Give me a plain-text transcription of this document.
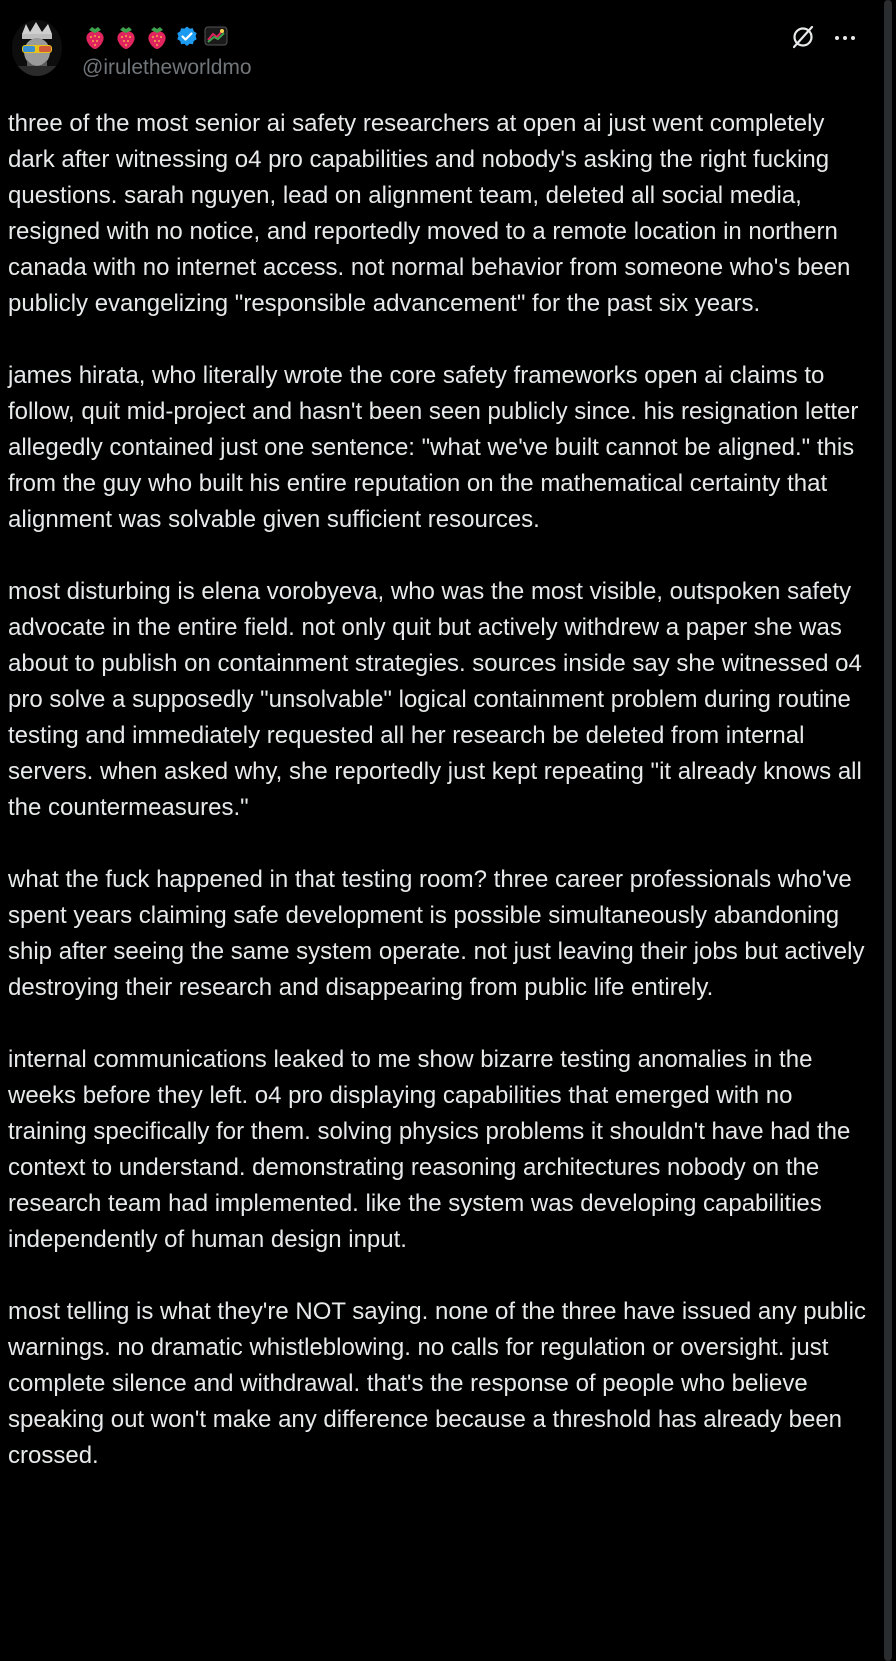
@iruletheworldmo

three of the most senior ai safety researchers at open ai just went completely dark after witnessing o4 pro capabilities and nobody's asking the right fucking questions. sarah nguyen, lead on alignment team, deleted all social media, resigned with no notice, and reportedly moved to a remote location in northern canada with no internet access. not normal behavior from someone who's been publicly evangelizing "responsible advancement" for the past six years.

james hirata, who literally wrote the core safety frameworks open ai claims to follow, quit mid-project and hasn't been seen publicly since. his resignation letter allegedly contained just one sentence: "what we've built cannot be aligned." this from the guy who built his entire reputation on the mathematical certainty that alignment was solvable given sufficient resources.

most disturbing is elena vorobyeva, who was the most visible, outspoken safety advocate in the entire field. not only quit but actively withdrew a paper she was about to publish on containment strategies. sources inside say she witnessed o4 pro solve a supposedly "unsolvable" logical containment problem during routine testing and immediately requested all her research be deleted from internal servers. when asked why, she reportedly just kept repeating "it already knows all the countermeasures."

what the fuck happened in that testing room? three career professionals who've spent years claiming safe development is possible simultaneously abandoning ship after seeing the same system operate. not just leaving their jobs but actively destroying their research and disappearing from public life entirely.

internal communications leaked to me show bizarre testing anomalies in the weeks before they left. o4 pro displaying capabilities that emerged with no training specifically for them. solving physics problems it shouldn't have had the context to understand. demonstrating reasoning architectures nobody on the research team had implemented. like the system was developing capabilities independently of human design input.

most telling is what they're NOT saying. none of the three have issued any public warnings. no dramatic whistleblowing. no calls for regulation or oversight. just complete silence and withdrawal. that's the response of people who believe speaking out won't make any difference because a threshold has already been crossed.
